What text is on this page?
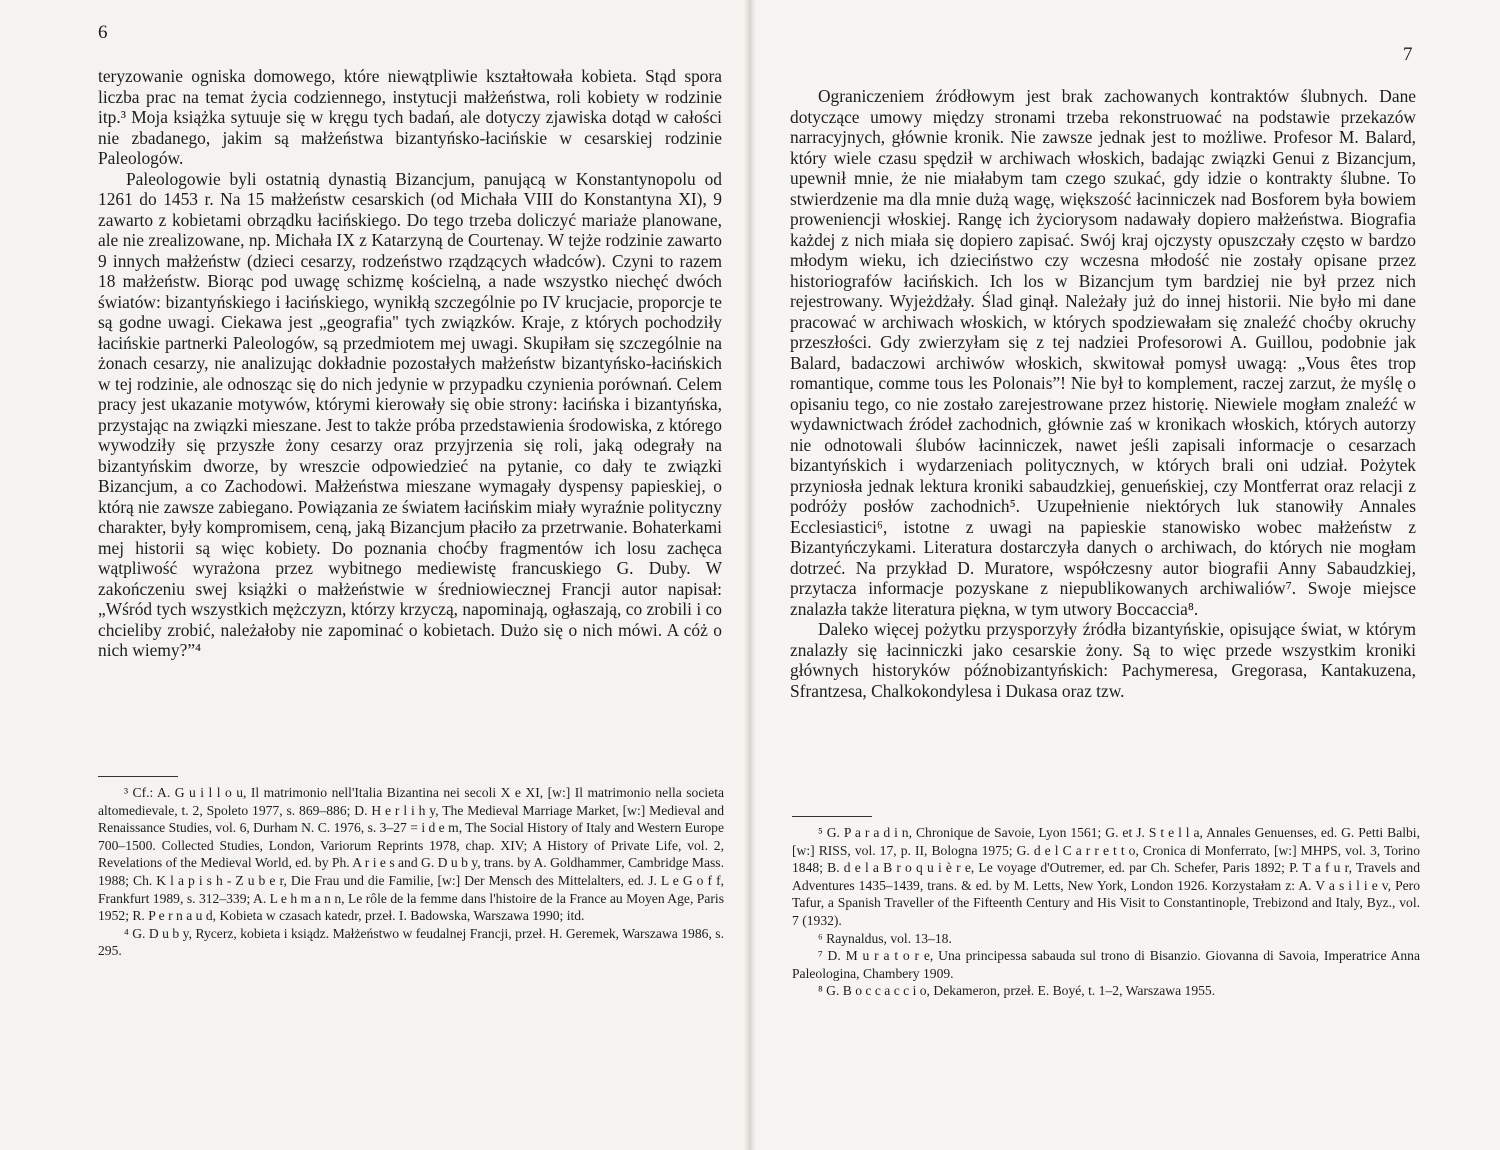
6
7

teryzowanie ogniska domowego, które niewątpliwie kształtowała kobieta. Stąd spora liczba prac na temat życia codziennego, instytucji małżeństwa, roli kobiety w rodzinie itp.³ Moja książka sytuuje się w kręgu tych badań, ale dotyczy zjawiska dotąd w całości nie zbadanego, jakim są małżeństwa bizantyńsko-łacińskie w cesarskiej rodzinie Paleologów.

Paleologowie byli ostatnią dynastią Bizancjum, panującą w Konstantynopolu od 1261 do 1453 r. Na 15 małżeństw cesarskich (od Michała VIII do Konstantyna XI), 9 zawarto z kobietami obrządku łacińskiego. Do tego trzeba doliczyć mariaże planowane, ale nie zrealizowane, np. Michała IX z Katarzyną de Courtenay. W tejże rodzinie zawarto 9 innych małżeństw (dzieci cesarzy, rodzeństwo rządzących władców). Czyni to razem 18 małżeństw. Biorąc pod uwagę schizmę kościelną, a nade wszystko niechęć dwóch światów: bizantyńskiego i łacińskiego, wynikłą szczególnie po IV krucjacie, proporcje te są godne uwagi. Ciekawa jest „geografia'' tych związków. Kraje, z których pochodziły łacińskie partnerki Paleologów, są przedmiotem mej uwagi. Skupiłam się szczególnie na żonach cesarzy, nie analizując dokładnie pozostałych małżeństw bizantyńsko-łacińskich w tej rodzinie, ale odnosząc się do nich jedynie w przypadku czynienia porównań. Celem pracy jest ukazanie motywów, którymi kierowały się obie strony: łacińska i bizantyńska, przystając na związki mieszane. Jest to także próba przedstawienia środowiska, z którego wywodziły się przyszłe żony cesarzy oraz przyjrzenia się roli, jaką odegrały na bizantyńskim dworze, by wreszcie odpowiedzieć na pytanie, co dały te związki Bizancjum, a co Zachodowi. Małżeństwa mieszane wymagały dyspensy papieskiej, o którą nie zawsze zabiegano. Powiązania ze światem łacińskim miały wyraźnie polityczny charakter, były kompromisem, ceną, jaką Bizancjum płaciło za przetrwanie. Bohaterkami mej historii są więc kobiety. Do poznania choćby fragmentów ich losu zachęca wątpliwość wyrażona przez wybitnego mediewistę francuskiego G. Duby. W zakończeniu swej książki o małżeństwie w średniowiecznej Francji autor napisał: „Wśród tych wszystkich mężczyzn, którzy krzyczą, napominają, ogłaszają, co zrobili i co chcieliby zrobić, należałoby nie zapominać o kobietach. Dużo się o nich mówi. A cóż o nich wiemy?”⁴

³ Cf.: A. G u i l l o u, Il matrimonio nell'Italia Bizantina nei secoli X e XI, [w:] Il matrimonio nella societa altomedievale, t. 2, Spoleto 1977, s. 869–886; D. H e r l i h y, The Medieval Marriage Market, [w:] Medieval and Renaissance Studies, vol. 6, Durham N. C. 1976, s. 3–27 = i d e m, The Social History of Italy and Western Europe 700–1500. Collected Studies, London, Variorum Reprints 1978, chap. XIV; A History of Private Life, vol. 2, Revelations of the Medieval World, ed. by Ph. A r i e s and G. D u b y, trans. by A. Goldhammer, Cambridge Mass. 1988; Ch. K l a p i s h - Z u b e r, Die Frau und die Familie, [w:] Der Mensch des Mittelalters, ed. J. L e G o f f, Frankfurt 1989, s. 312–339; A. L e h m a n n, Le rôle de la femme dans l'histoire de la France au Moyen Age, Paris 1952; R. P e r n a u d, Kobieta w czasach katedr, przeł. I. Badowska, Warszawa 1990; itd.

⁴ G. D u b y, Rycerz, kobieta i ksiądz. Małżeństwo w feudalnej Francji, przeł. H. Geremek, Warszawa 1986, s. 295.

Ograniczeniem źródłowym jest brak zachowanych kontraktów ślubnych. Dane dotyczące umowy między stronami trzeba rekonstruować na podstawie przekazów narracyjnych, głównie kronik. Nie zawsze jednak jest to możliwe. Profesor M. Balard, który wiele czasu spędził w archiwach włoskich, badając związki Genui z Bizancjum, upewnił mnie, że nie miałabym tam czego szukać, gdy idzie o kontrakty ślubne. To stwierdzenie ma dla mnie dużą wagę, większość łacinniczek nad Bosforem była bowiem proweniencji włoskiej. Rangę ich życiorysom nadawały dopiero małżeństwa. Biografia każdej z nich miała się dopiero zapisać. Swój kraj ojczysty opuszczały często w bardzo młodym wieku, ich dzieciństwo czy wczesna młodość nie zostały opisane przez historiografów łacińskich. Ich los w Bizancjum tym bardziej nie był przez nich rejestrowany. Wyjeżdżały. Ślad ginął. Należały już do innej historii. Nie było mi dane pracować w archiwach włoskich, w których spodziewałam się znaleźć choćby okruchy przeszłości. Gdy zwierzyłam się z tej nadziei Profesorowi A. Guillou, podobnie jak Balard, badaczowi archiwów włoskich, skwitował pomysł uwagą: „Vous êtes trop romantique, comme tous les Polonais”! Nie był to komplement, raczej zarzut, że myślę o opisaniu tego, co nie zostało zarejestrowane przez historię. Niewiele mogłam znaleźć w wydawnictwach źródeł zachodnich, głównie zaś w kronikach włoskich, których autorzy nie odnotowali ślubów łacinniczek, nawet jeśli zapisali informacje o cesarzach bizantyńskich i wydarzeniach politycznych, w których brali oni udział. Pożytek przyniosła jednak lektura kroniki sabaudzkiej, genueńskiej, czy Montferrat oraz relacji z podróży posłów zachodnich⁵. Uzupełnienie niektórych luk stanowiły Annales Ecclesiastici⁶, istotne z uwagi na papieskie stanowisko wobec małżeństw z Bizantyńczykami. Literatura dostarczyła danych o archiwach, do których nie mogłam dotrzeć. Na przykład D. Muratore, współczesny autor biografii Anny Sabaudzkiej, przytacza informacje pozyskane z niepublikowanych archiwaliów⁷. Swoje miejsce znalazła także literatura piękna, w tym utwory Boccaccia⁸.

Daleko więcej pożytku przysporzyły źródła bizantyńskie, opisujące świat, w którym znalazły się łacinniczki jako cesarskie żony. Są to więc przede wszystkim kroniki głównych historyków późnobizantyńskich: Pachymeresa, Gregorasa, Kantakuzena, Sfrantzesa, Chalkokondylesa i Dukasa oraz tzw.

⁵ G. P a r a d i n, Chronique de Savoie, Lyon 1561; G. et J. S t e l l a, Annales Genuenses, ed. G. Petti Balbi, [w:] RISS, vol. 17, p. II, Bologna 1975; G. d e l C a r r e t t o, Cronica di Monferrato, [w:] MHPS, vol. 3, Torino 1848; B. d e l a B r o q u i è r e, Le voyage d'Outremer, ed. par Ch. Schefer, Paris 1892; P. T a f u r, Travels and Adventures 1435–1439, trans. & ed. by M. Letts, New York, London 1926. Korzystałam z: A. V a s i l i e v, Pero Tafur, a Spanish Traveller of the Fifteenth Century and His Visit to Constantinople, Trebizond and Italy, Byz., vol. 7 (1932).

⁶ Raynaldus, vol. 13–18.

⁷ D. M u r a t o r e, Una principessa sabauda sul trono di Bisanzio. Giovanna di Savoia, Imperatrice Anna Paleologina, Chambery 1909.

⁸ G. B o c c a c c i o, Dekameron, przeł. E. Boyé, t. 1–2, Warszawa 1955.
